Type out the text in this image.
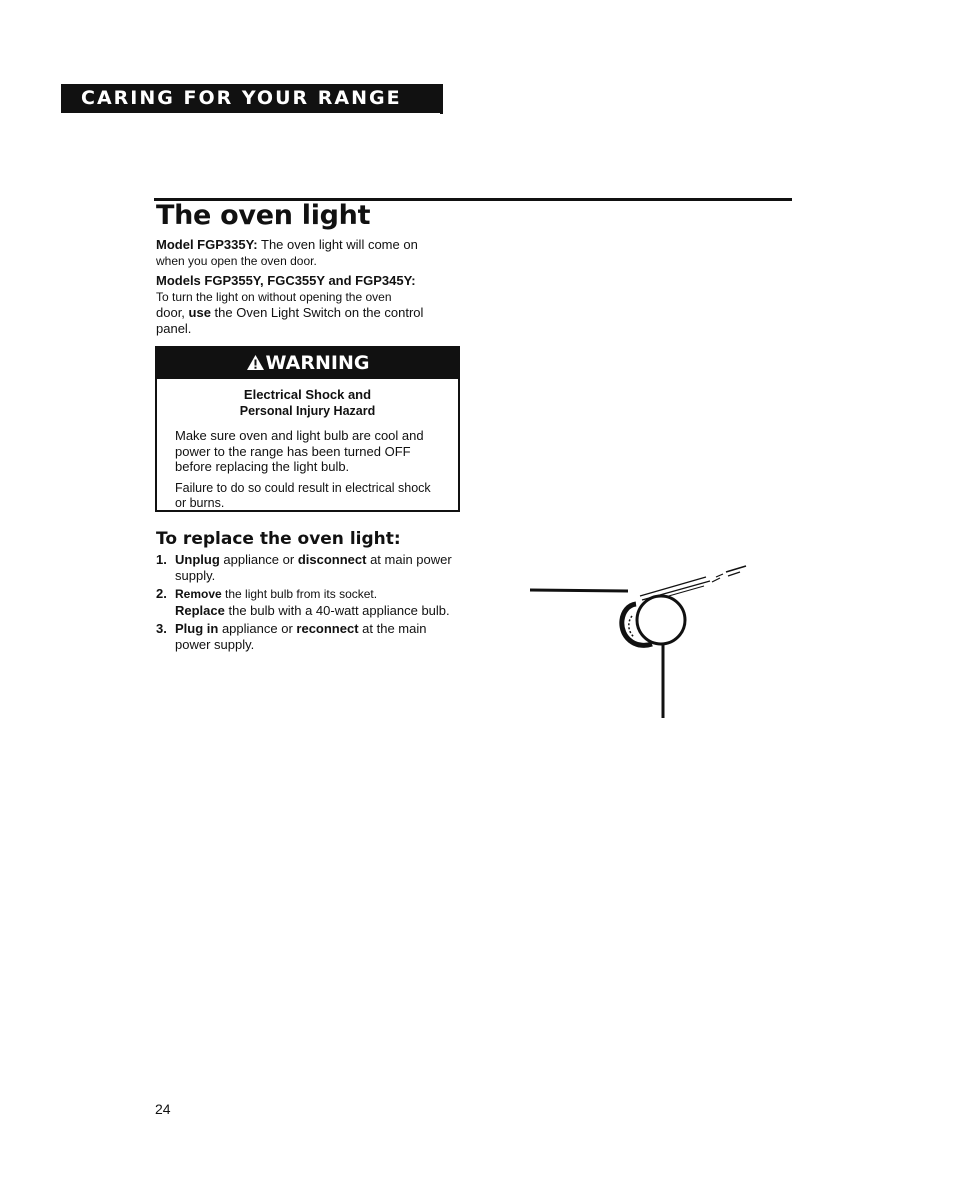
CARING FOR YOUR RANGE
The oven light
Model FGP335Y: The oven light will come on
when you open the oven door.
Models FGP355Y, FGC355Y and FGP345Y:
To turn the light on without opening the oven
door, use the Oven Light Switch on the control
panel.
WARNING
Electrical Shock and
Personal Injury Hazard
Make sure oven and light bulb are cool and power to the range has been turned OFF before replacing the light bulb.
Failure to do so could result in electrical shock or burns.
To replace the oven light:
1. Unplug appliance or disconnect at main power supply.
2. Remove the light bulb from its socket.
Replace the bulb with a 40-watt appliance bulb.
3. Plug in appliance or reconnect at the main power supply.
24
